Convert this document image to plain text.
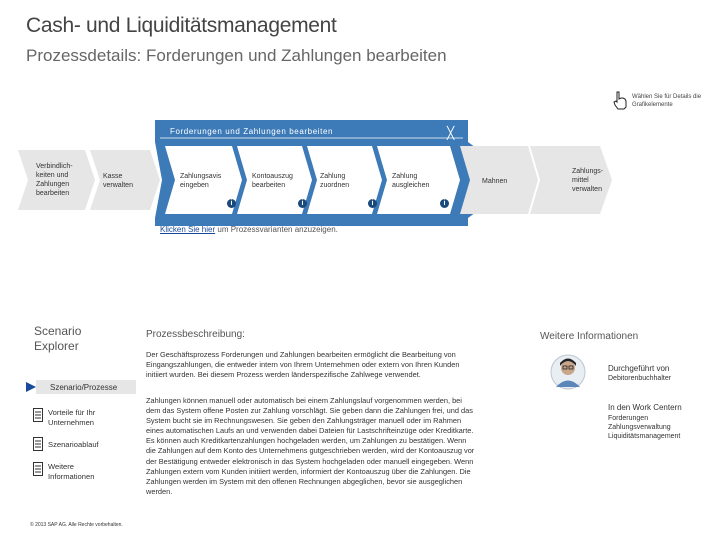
Cash- und Liquiditätsmanagement
Prozessdetails: Forderungen und Zahlungen bearbeiten
Wählen Sie für Details die Grafikelemente
Forderungen und Zahlungen bearbeiten	╳
Verbindlich-keiten und Zahlungen bearbeiten
Kasse verwalten
Zahlungsavis eingeben
Kontoauszug bearbeiten
Zahlung zuordnen
Zahlung ausgleichen
Mahnen
Zahlungs-mittel verwalten
i	i	i	i
Klicken Sie hier um Prozessvarianten anzuzeigen.
Scenario Explorer
Szenario/Prozesse
Vorteile für Ihr Unternehmen
Szenarioablauf
Weitere Informationen
Prozessbeschreibung:
Der Geschäftsprozess Forderungen und Zahlungen bearbeiten ermöglicht die Bearbeitung von Eingangszahlungen, die entweder intern von Ihrem Unternehmen oder extern von Ihren Kunden initiiert wurden. Bei diesem Prozess werden länderspezifische Zahlwege verwendet.
Zahlungen können manuell oder automatisch bei einem Zahlungslauf vorgenommen werden, bei dem das System offene Posten zur Zahlung vorschlägt. Sie geben dann die Zahlungen frei, und das System bucht sie im Rechnungswesen. Sie geben den Zahlungsträger manuell oder im Rahmen eines automatischen Laufs an und verwenden dabei Dateien für Lastschrifteinzüge oder Kreditkarte. Es können auch Kreditkartenzahlungen hochgeladen werden, um Zahlungen zu bestätigen. Wenn die Zahlungen auf dem Konto des Unternehmens gutgeschrieben werden, wird der Kontoauszug vor der Bestätigung entweder elektronisch in das System hochgeladen oder manuell eingegeben. Wenn Zahlungen extern vom Kunden initiiert werden, informiert der Kontoauszug über die Zahlungen. Die Zahlungen werden im System mit den offenen Rechnungen abgeglichen, bevor sie ausgeglichen werden.
Weitere Informationen
Durchgeführt von
Debitorenbuchhalter
In den Work Centern
Forderungen
Zahlungsverwaltung
Liquiditätsmanagement
© 2013 SAP AG. Alle Rechte vorbehalten.
